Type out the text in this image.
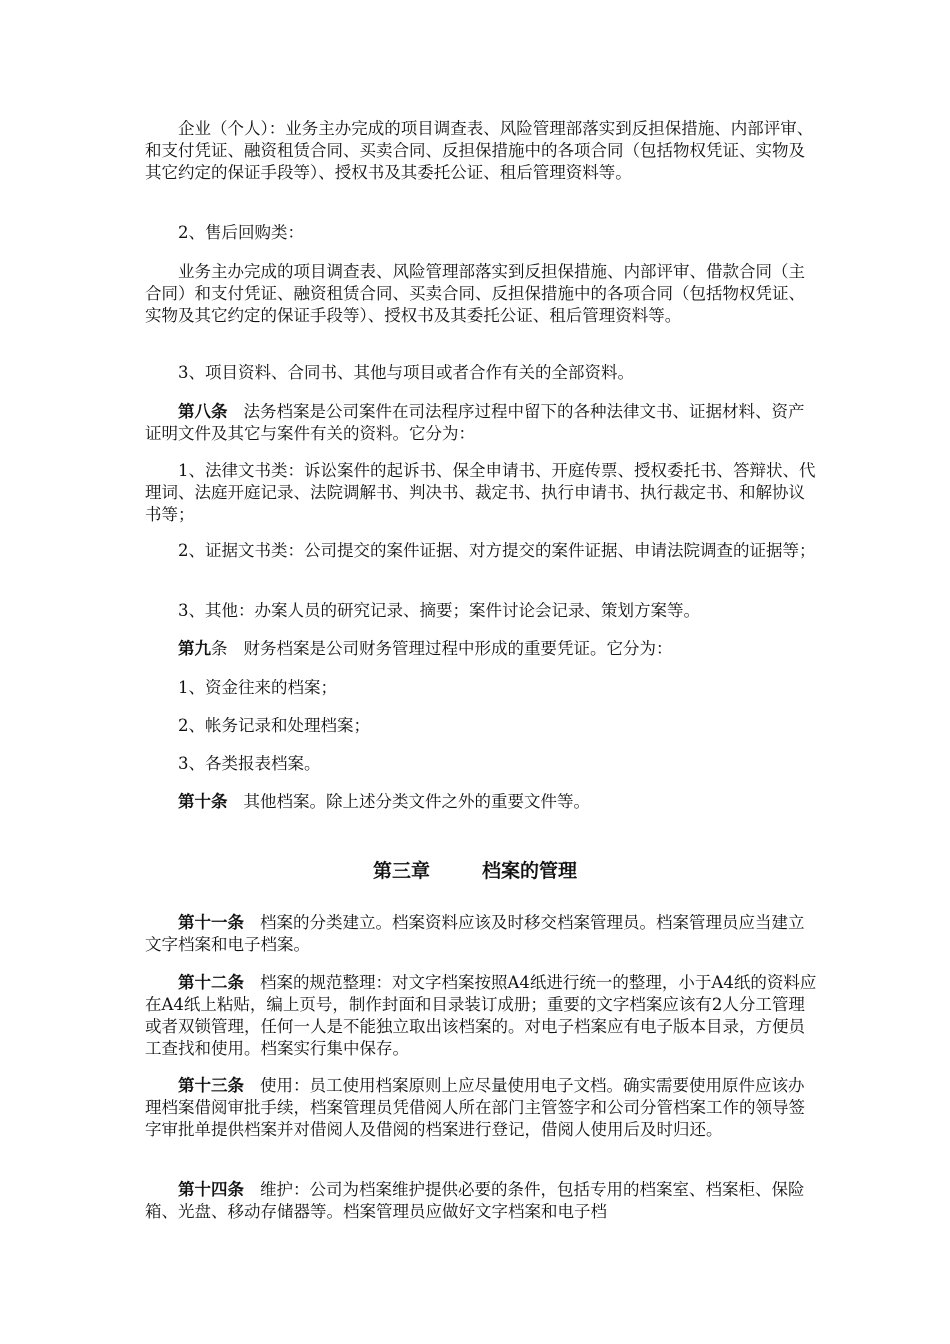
企业（个人）：业务主办完成的项目调查表、风险管理部落实到反担保措施、内部评审、和支付凭证、融资租赁合同、买卖合同、反担保措施中的各项合同（包括物权凭证、实物及其它约定的保证手段等）、授权书及其委托公证、租后管理资料等。

2、售后回购类：

业务主办完成的项目调查表、风险管理部落实到反担保措施、内部评审、借款合同（主合同）和支付凭证、融资租赁合同、买卖合同、反担保措施中的各项合同（包括物权凭证、实物及其它约定的保证手段等）、授权书及其委托公证、租后管理资料等。

3、项目资料、合同书、其他与项目或者合作有关的全部资料。

第八条 法务档案是公司案件在司法程序过程中留下的各种法律文书、证据材料、资产证明文件及其它与案件有关的资料。它分为：

1、法律文书类：诉讼案件的起诉书、保全申请书、开庭传票、授权委托书、答辩状、代理词、法庭开庭记录、法院调解书、判决书、裁定书、执行申请书、执行裁定书、和解协议书等；

2、证据文书类：公司提交的案件证据、对方提交的案件证据、申请法院调查的证据等；

3、其他：办案人员的研究记录、摘要；案件讨论会记录、策划方案等。

第九条 财务档案是公司财务管理过程中形成的重要凭证。它分为：

1、资金往来的档案；

2、帐务记录和处理档案；

3、各类报表档案。

第十条 其他档案。除上述分类文件之外的重要文件等。

第三章	档案的管理

第十一条 档案的分类建立。档案资料应该及时移交档案管理员。档案管理员应当建立文字档案和电子档案。

第十二条 档案的规范整理：对文字档案按照A4纸进行统一的整理，小于A4纸的资料应在A4纸上粘贴，编上页号，制作封面和目录装订成册；重要的文字档案应该有2人分工管理或者双锁管理，任何一人是不能独立取出该档案的。对电子档案应有电子版本目录，方便员工查找和使用。档案实行集中保存。

第十三条 使用：员工使用档案原则上应尽量使用电子文档。确实需要使用原件应该办理档案借阅审批手续，档案管理员凭借阅人所在部门主管签字和公司分管档案工作的领导签字审批单提供档案并对借阅人及借阅的档案进行登记，借阅人使用后及时归还。

第十四条 维护：公司为档案维护提供必要的条件，包括专用的档案室、档案柜、保险箱、光盘、移动存储器等。档案管理员应做好文字档案和电子档
